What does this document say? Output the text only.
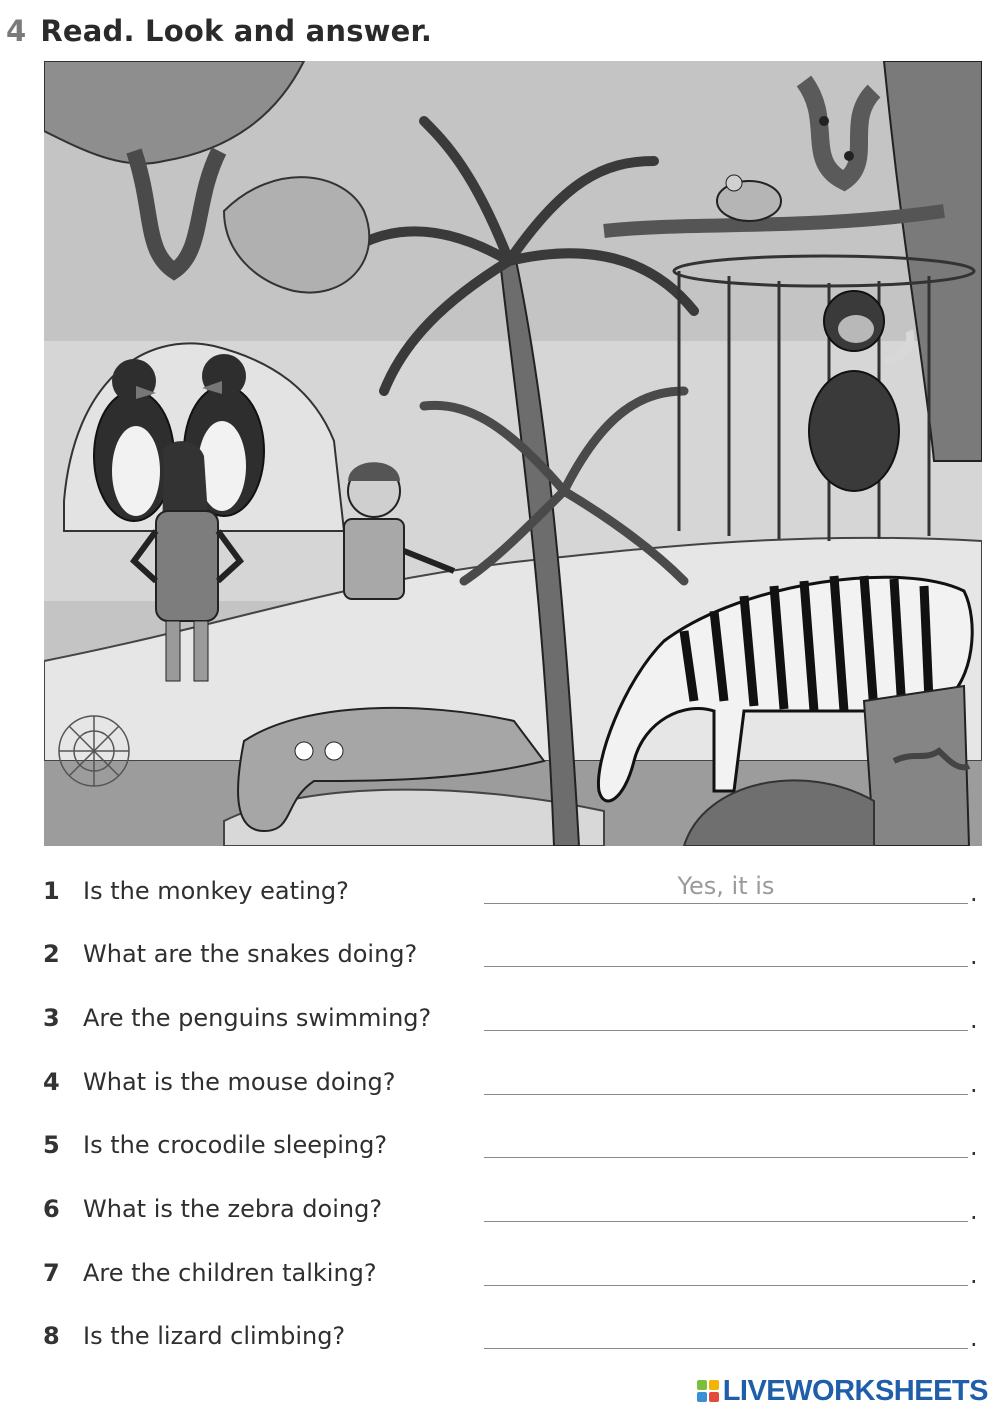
4 Read. Look and answer.
1 Is the monkey eating?
Yes, it is	.
2 What are the snakes doing?	.
3 Are the penguins swimming?	.
4 What is the mouse doing?	.
5 Is the crocodile sleeping?	.
6 What is the zebra doing?	.
7 Are the children talking?	.
8 Is the lizard climbing?	.
LIVEWORKSHEETS
